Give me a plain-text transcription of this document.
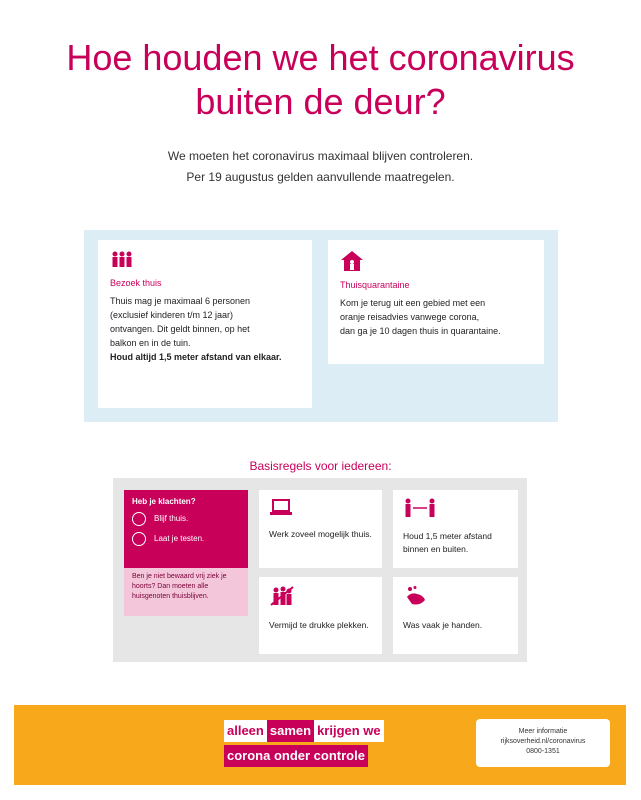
Hoe houden we het coronavirus
buiten de deur?
We moeten het coronavirus maximaal blijven controleren.
Per 19 augustus gelden aanvullende maatregelen.
Bezoek thuis
Thuis mag je maximaal 6 personen
(exclusief kinderen t/m 12 jaar)
ontvangen. Dit geldt binnen, op het
balkon en in de tuin.
Houd altijd 1,5 meter afstand van elkaar.
Thuisquarantaine
Kom je terug uit een gebied met een
oranje reisadvies vanwege corona,
dan ga je 10 dagen thuis in quarantaine.
Basisregels voor iedereen:
Heb je klachten?
Blijf thuis.
Laat je testen.
Ben je niet bewaard vrij ziek je hoorts? Dan moeten alle huisgenoten thuisblijven.
Werk zoveel mogelijk thuis.	Houd 1,5 meter afstand binnen en buiten.
Vermijd te drukke plekken.	Was vaak je handen.
alleen samen krijgen we
corona onder controle
Meer informatie
rijksoverheid.nl/coronavirus
0800-1351
